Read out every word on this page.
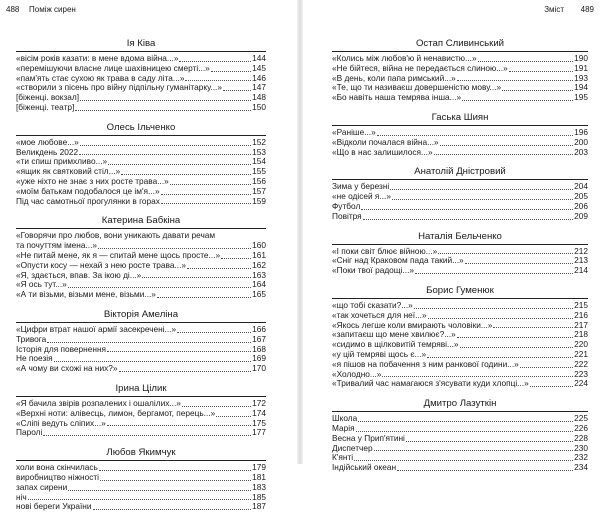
488 Поміж сирен
Ія Ківа
«вісім років казати: в мене вдома війна...»	144
«перемішуючи власне лице шахівницею смерті...»	145
«пам'ять стає сухою як трава в саду літа...»	146
«створили з пісень про війну підпільну гуманітарку...»	147
[біженці. вокзал]	148
[біженці. театр]	150
Олесь Ільченко
«мое любове...»	152
Великдень 2022	153
«ти спиш примхливо...»	154
«ящик як святковий стіл...»	155
«уже ніхто не знає з них росте трава...»	156
«моїм батькам подобалося це ім'я...»	157
Під час самотньої прогулянки в горах	159
Катерина Бабкіна
«Говорячи про любов, вони уникають давати речам
та почуттям імена...»	160
«Не питай мене, як я — спитай мене щось просте...»	161
«Опусти косу — нехай з нею росте трава...»	162
«Я, здається, впав. За ікою ді...»	163
«Я ось тут...»	164
«А ти візьми, візьми мене, візьми...»	165
Вікторія Амеліна
«Цифри втрат нашої армії засекречені...»	166
Тривога	167
Історія для повернення	168
Не поезія	169
«А чому ви схожі на них?»	170
Ірина Цілик
«Я бачила звірів розпалених і ошалілих...»	172
«Верхні ноти: алівесць, лимон, бергамот, перець...»	174
«Сліпі ведуть сліпих...»	175
Паролі	177
Любов Якимчук
холи вона скінчилась	179
виробництво ніжності	181
запах сирени	183
ніч	185
нові береги України	187
Зміст 489
Остап Сливинський
«Колись між любов'ю й ненавистю...»	190
«Не бійтеся, війна не передається слиною...»	191
«В день, коли папа римський...»	193
«Те, що ти називаєш довершеністю мову...»	194
«Бо навіть наша темрява інша...»	195
Гаська Шиян
«Раніше...»	196
«Відколи почалася війна...»	200
«Що в нас залишилося...»	203
Анатолій Дністровий
Зима у березні	204
«не одісей я...»	205
Футбол	206
Повітря	209
Наталія Бельченко
«І поки світ блює війною...»	212
«Сніг над Краковом пада такий...»	213
«Поки твої радощі...»	214
Борис Гуменюк
«що тобі сказати?...»	215
«так хочеться для неї...»	216
«Якось легше коли вмирають чоловіки...»	217
«запитаєш що мене хвилює?...»	218
«сидимо в щілковитій темряві...»	220
«у цій темряві щось є...»	221
«я пішов на побачення з ним ранкової години...»	222
«Холодно...»	223
«Тривалий час намагаюся з'ясувати куди хлопці...»	224
Дмитро Лазуткін
Школа	225
Марія	226
Весна у Прип'ятині	228
Диспетчер	230
К'янті	232
Індійський океан	234
